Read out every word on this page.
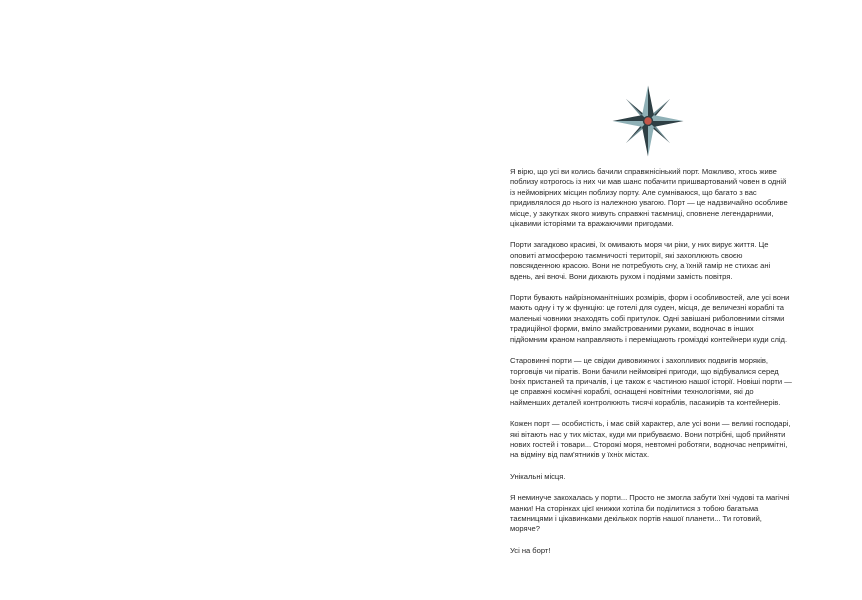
Я вірю, що усі ви колись бачили справжнісінький порт. Можливо, хтось живе поблизу котрогось із них чи мав шанс побачити пришвартований човен в одній із неймовірних місцин поблизу порту. Але сумніваюся, що багато з вас придивлялося до нього із належною увагою. Порт — це надзвичайно особливе місце, у закутках якого живуть справжні таємниці, сповнене легендарними, цікавими історіями та вражаючими пригодами.

Порти загадково красиві, їх омивають моря чи ріки, у них вирує життя. Це оповиті атмосферою таємничості території, які захоплюють своєю повсякденною красою. Вони не потребують сну, а їхній гамір не стихає ані вдень, ані вночі. Вони дихають рухом і подіями замість повітря.

Порти бувають найрізноманітніших розмірів, форм і особливостей, але усі вони мають одну і ту ж функцію: це готелі для суден, місця, де величезні кораблі та маленькі човники знаходять собі притулок. Одні завішані риболовними сітями традиційної форми, вміло змайстрованими руками, водночас в інших підйомним краном направляють і переміщають громіздкі контейнери куди слід.

Старовинні порти — це свідки дивовижних і захопливих подвигів моряків, торговців чи піратів. Вони бачили неймовірні пригоди, що відбувалися серед їхніх пристаней та причалів, і це також є частиною нашої історії. Новіші порти — це справжні космічні кораблі, оснащені новітніми технологіями, які до найменших деталей контролюють тисячі кораблів, пасажирів та контейнерів.

Кожен порт — особистість, і має свій характер, але усі вони — великі господарі, які вітають нас у тих містах, куди ми прибуваємо. Вони потрібні, щоб прийняти нових гостей і товари... Сторожі моря, невтомні роботяги, водночас непримітні, на відміну від пам'ятників у їхніх містах.

Унікальні місця.

Я неминуче закохалась у порти... Просто не змогла забути їхні чудові та магічні манки! На сторінках цієї книжки хотіла би поділитися з тобою багатьма таємницями і цікавинками декількох портів нашої планети... Ти готовий, моряче?

Усі на борт!
